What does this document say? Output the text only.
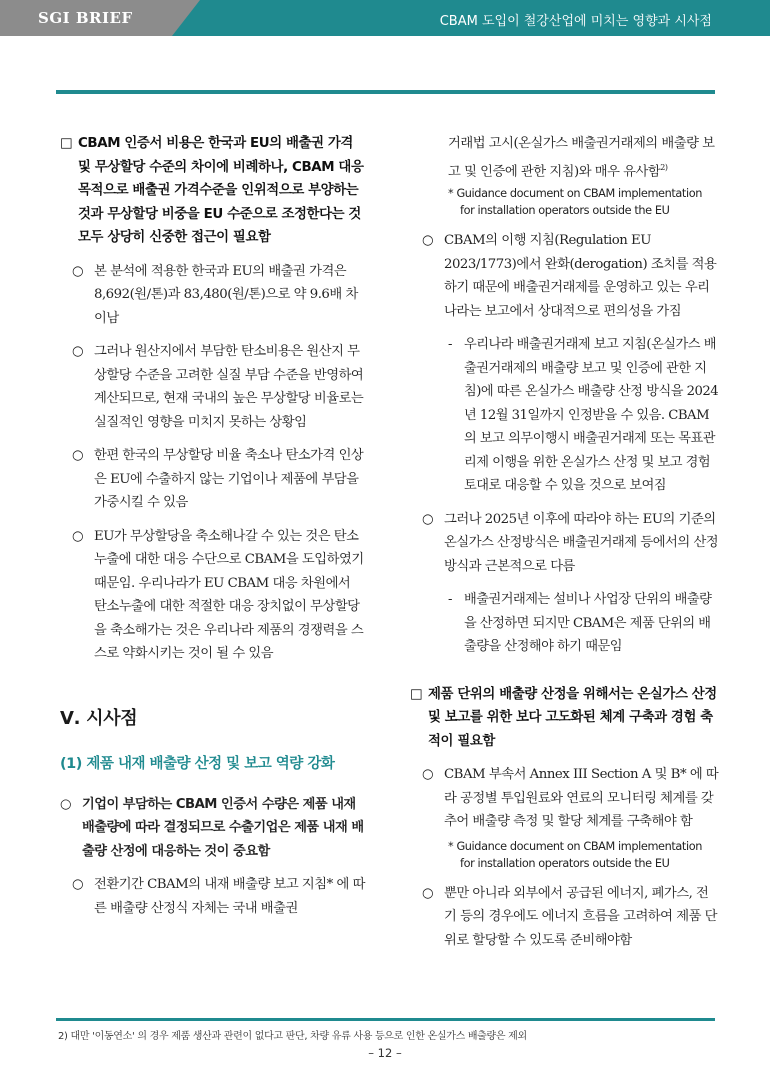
SGI BRIEF	CBAM 도입이 철강산업에 미치는 영향과 시사점
□ CBAM 인증서 비용은 한국과 EU의 배출권 가격 및 무상할당 수준의 차이에 비례하나, CBAM 대응 목적으로 배출권 가격수준을 인위적으로 부양하는 것과 무상할당 비중을 EU 수준으로 조정한다는 것 모두 상당히 신중한 접근이 필요함
○ 본 분석에 적용한 한국과 EU의 배출권 가격은 8,692(원/톤)과 83,480(원/톤)으로 약 9.6배 차이남
○ 그러나 원산지에서 부담한 탄소비용은 원산지 무상할당 수준을 고려한 실질 부담 수준을 반영하여 계산되므로, 현재 국내의 높은 무상할당 비율로는 실질적인 영향을 미치지 못하는 상황임
○ 한편 한국의 무상할당 비율 축소나 탄소가격 인상은 EU에 수출하지 않는 기업이나 제품에 부담을 가중시킬 수 있음
○ EU가 무상할당을 축소해나갈 수 있는 것은 탄소누출에 대한 대응 수단으로 CBAM을 도입하였기 때문임. 우리나라가 EU CBAM 대응 차원에서 탄소누출에 대한 적절한 대응 장치없이 무상할당을 축소해가는 것은 우리나라 제품의 경쟁력을 스스로 약화시키는 것이 될 수 있음
Ⅴ. 시사점
(1) 제품 내재 배출량 산정 및 보고 역량 강화
○ 기업이 부담하는 CBAM 인증서 수량은 제품 내재 배출량에 따라 결정되므로 수출기업은 제품 내재 배출량 산정에 대응하는 것이 중요함
○ 전환기간 CBAM의 내재 배출량 보고 지침* 에 따른 배출량 산정식 자체는 국내 배출권
거래법 고시(온실가스 배출권거래제의 배출량 보고 및 인증에 관한 지침)와 매우 유사함$^{2)}$
* Guidance document on CBAM implementation
for installation operators outside the EU
○ CBAM의 이행 지침(Regulation EU 2023/1773)에서 완화(derogation) 조치를 적용하기 때문에 배출권거래제를 운영하고 있는 우리나라는 보고에서 상대적으로 편의성을 가짐
- 우리나라 배출권거래제 보고 지침(온실가스 배출권거래제의 배출량 보고 및 인증에 관한 지침)에 따른 온실가스 배출량 산정 방식을 2024년 12월 31일까지 인정받을 수 있음. CBAM의 보고 의무이행시 배출권거래제 또는 목표관리제 이행을 위한 온실가스 산정 및 보고 경험 토대로 대응할 수 있을 것으로 보여짐
○ 그러나 2025년 이후에 따라야 하는 EU의 기준의 온실가스 산정방식은 배출권거래제 등에서의 산정방식과 근본적으로 다름
- 배출권거래제는 설비나 사업장 단위의 배출량을 산정하면 되지만 CBAM은 제품 단위의 배출량을 산정해야 하기 때문임
□ 제품 단위의 배출량 산정을 위해서는 온실가스 산정 및 보고를 위한 보다 고도화된 체계 구축과 경험 축적이 필요함
○ CBAM 부속서 Annex III Section A 및 B* 에 따라 공정별 투입원료와 연료의 모니터링 체계를 갖추어 배출량 측정 및 할당 체계를 구축해야 함
* Guidance document on CBAM implementation
for installation operators outside the EU
○ 뿐만 아니라 외부에서 공급된 에너지, 폐가스, 전기 등의 경우에도 에너지 흐름을 고려하여 제품 단위로 할당할 수 있도록 준비해야함
2) 대만 '이동연소' 의 경우 제품 생산과 관련이 없다고 판단, 차량 유류 사용 등으로 인한 온실가스 배출량은 제외
– 12 –
